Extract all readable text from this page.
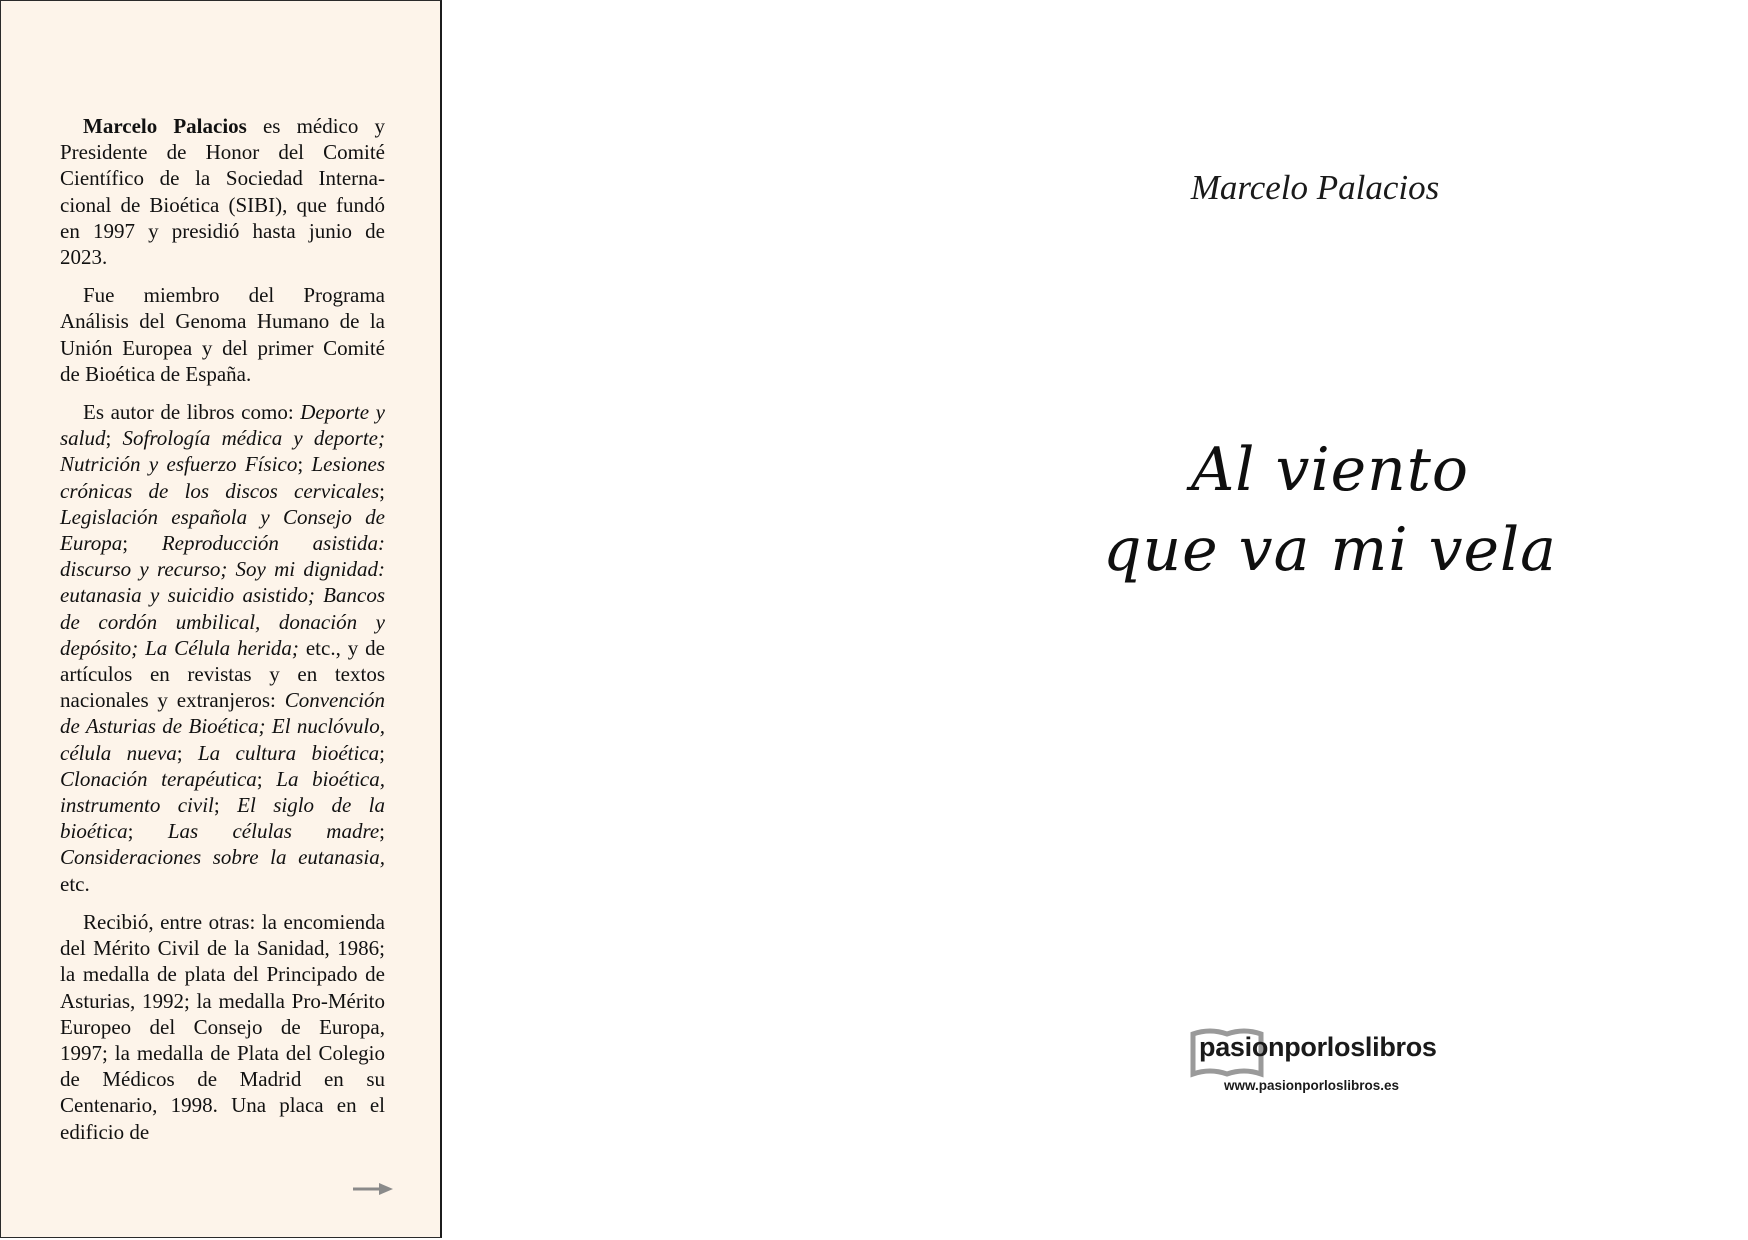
Marcelo Palacios es médico y Presidente de Honor del Comité Científico de la Sociedad Internacional de Bioética (SIBI), que fundó en 1997 y presidió hasta junio de 2023.

Fue miembro del Programa Análisis del Genoma Humano de la Unión Europea y del primer Comité de Bioética de España.

Es autor de libros como: Deporte y salud; Sofrología médica y deporte; Nutrición y esfuerzo Físico; Lesiones crónicas de los discos cervicales; Legislación española y Consejo de Europa; Reproducción asistida: discurso y recurso; Soy mi dignidad: eutanasia y suicidio asistido; Bancos de cordón umbilical, donación y depósito; La Célula herida; etc., y de artículos en revistas y en textos nacionales y extranjeros: Convención de Asturias de Bioética; El nuclóvulo, célula nueva; La cultura bioética; Clonación terapéutica; La bioética, instrumento civil; El siglo de la bioética; Las células madre; Consideraciones sobre la eutanasia, etc.

Recibió, entre otras: la encomienda del Mérito Civil de la Sanidad, 1986; la medalla de plata del Principado de Asturias, 1992; la medalla Pro-Mérito Europeo del Consejo de Europa, 1997; la medalla de Plata del Colegio de Médicos de Madrid en su Centenario, 1998. Una placa en el edificio de

Marcelo Palacios
Al viento
que va mi vela
pasionporloslibros
www.pasionporloslibros.es
